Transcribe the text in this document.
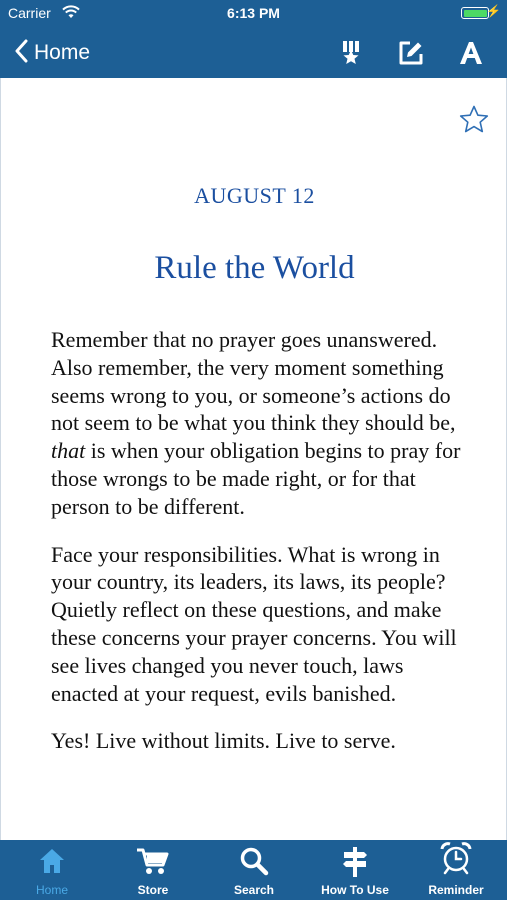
Carrier	6:13 PM	⚡
Home
AUGUST 12
Rule the World

Remember that no prayer goes unanswered. Also remember, the very moment something seems wrong to you, or someone’s actions do not seem to be what you think they should be,
that is when your obligation begins to pray for those wrongs to be made right, or for that person to be different.

Face your responsibilities. What is wrong in your country, its leaders, its laws, its people? Quietly reflect on these questions, and make these concerns your prayer concerns. You will see lives changed you never touch, laws enacted at your request, evils banished.

Yes! Live without limits. Live to serve.

Home	Store	Search	How To Use	Reminder
